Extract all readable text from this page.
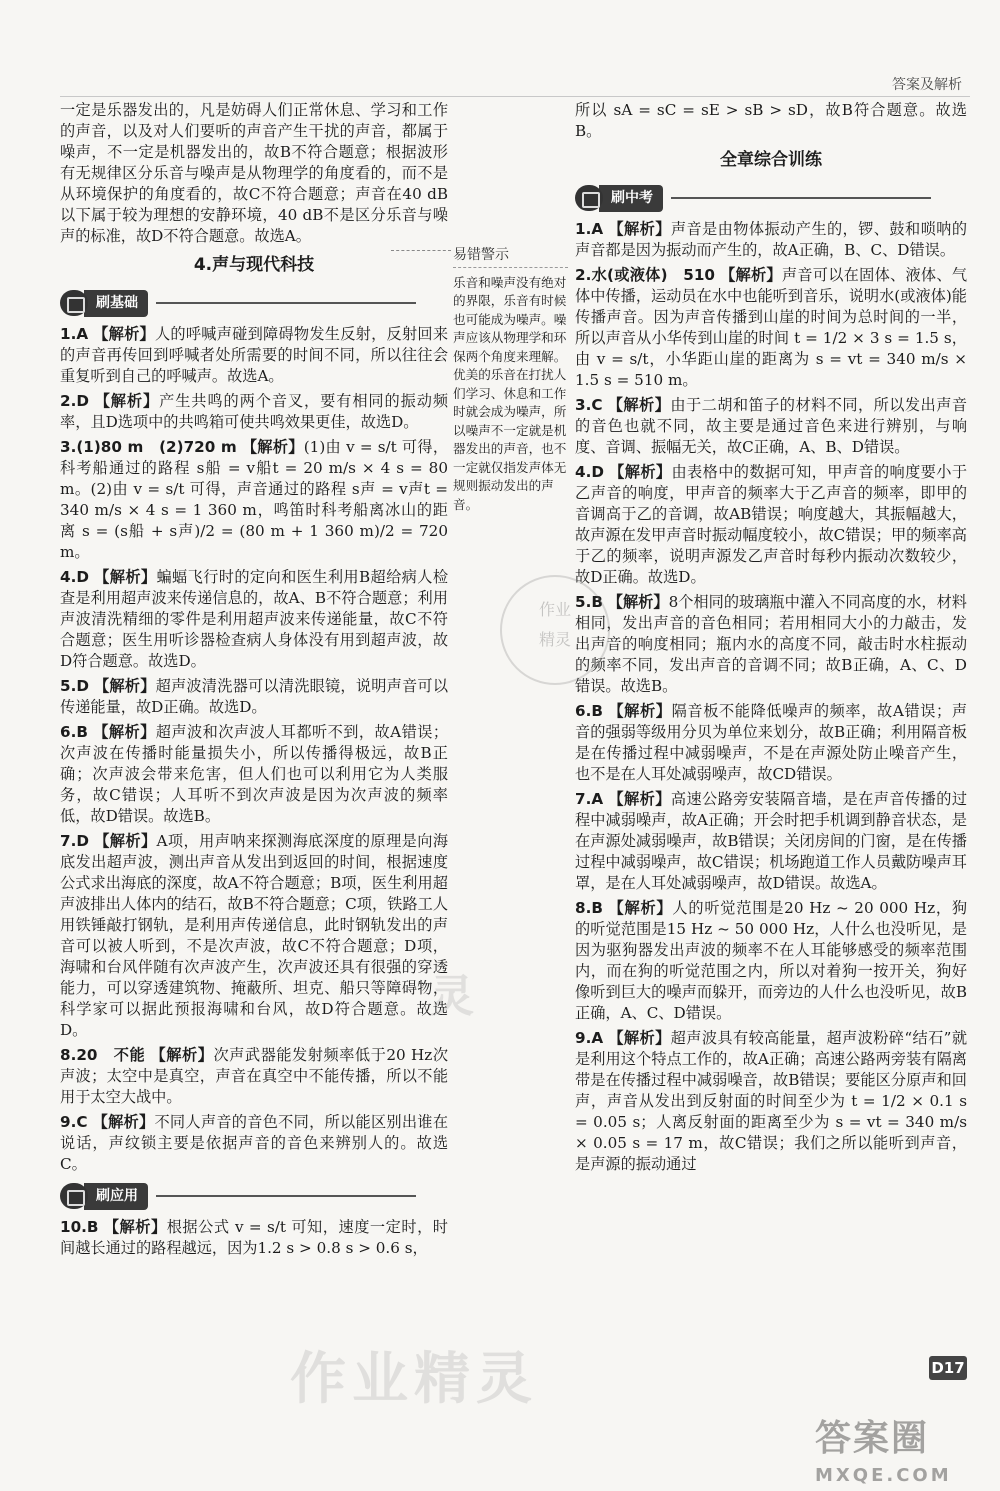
答案及解析

一定是乐器发出的，凡是妨碍人们正常休息、学习和工作的声音，以及对人们要听的声音产生干扰的声音，都属于噪声，不一定是机器发出的，故B不符合题意；根据波形有无规律区分乐音与噪声是从物理学的角度看的，而不是从环境保护的角度看的，故C不符合题意；声音在40 dB以下属于较为理想的安静环境，40 dB不是区分乐音与噪声的标准，故D不符合题意。故选A。

4.声与现代科技
刷基础

1.A 【解析】人的呼喊声碰到障碍物发生反射，反射回来的声音再传回到呼喊者处所需要的时间不同，所以往往会重复听到自己的呼喊声。故选A。

2.D 【解析】产生共鸣的两个音叉，要有相同的振动频率，且D选项中的共鸣箱可使共鸣效果更佳，故选D。

3.(1)80 m　(2)720 m 【解析】(1)由 v = s/t 可得，科考船通过的路程 s船 = v船t = 20 m/s × 4 s = 80 m。(2)由 v = s/t 可得，声音通过的路程 s声 = v声t = 340 m/s × 4 s = 1 360 m，鸣笛时科考船离冰山的距离 s = (s船 + s声)/2 = (80 m + 1 360 m)/2 = 720 m。

4.D 【解析】蝙蝠飞行时的定向和医生利用B超给病人检查是利用超声波来传递信息的，故A、B不符合题意；利用声波清洗精细的零件是利用超声波来传递能量，故C不符合题意；医生用听诊器检查病人身体没有用到超声波，故D符合题意。故选D。

5.D 【解析】超声波清洗器可以清洗眼镜，说明声音可以传递能量，故D正确。故选D。

6.B 【解析】超声波和次声波人耳都听不到，故A错误；次声波在传播时能量损失小，所以传播得极远，故B正确；次声波会带来危害，但人们也可以利用它为人类服务，故C错误；人耳听不到次声波是因为次声波的频率低，故D错误。故选B。

7.D 【解析】A项，用声呐来探测海底深度的原理是向海底发出超声波，测出声音从发出到返回的时间，根据速度公式求出海底的深度，故A不符合题意；B项，医生利用超声波排出人体内的结石，故B不符合题意；C项，铁路工人用铁锤敲打钢轨，是利用声传递信息，此时钢轨发出的声音可以被人听到，不是次声波，故C不符合题意；D项，海啸和台风伴随有次声波产生，次声波还具有很强的穿透能力，可以穿透建筑物、掩蔽所、坦克、船只等障碍物，科学家可以据此预报海啸和台风，故D符合题意。故选D。

8.20　不能 【解析】次声武器能发射频率低于20 Hz次声波；太空中是真空，声音在真空中不能传播，所以不能用于太空大战中。

9.C 【解析】不同人声音的音色不同，所以能区别出谁在说话，声纹锁主要是依据声音的音色来辨别人的。故选C。

刷应用

10.B 【解析】根据公式 v = s/t 可知，速度一定时，时间越长通过的路程越远，因为1.2 s > 0.8 s > 0.6 s，

易错警示
乐音和噪声没有绝对的界限，乐音有时候也可能成为噪声。噪声应该从物理学和环保两个角度来理解。优美的乐音在打扰人们学习、休息和工作时就会成为噪声，所以噪声不一定就是机器发出的声音，也不一定就仅指发声体无规则振动发出的声音。

所以 sA = sC = sE > sB > sD，故B符合题意。故选B。

全章综合训练
刷中考

1.A 【解析】声音是由物体振动产生的，锣、鼓和唢呐的声音都是因为振动而产生的，故A正确，B、C、D错误。

2.水(或液体)　510 【解析】声音可以在固体、液体、气体中传播，运动员在水中也能听到音乐，说明水(或液体)能传播声音。因为声音传播到山崖的时间为总时间的一半，所以声音从小华传到山崖的时间 t = 1/2 × 3 s = 1.5 s，由 v = s/t，小华距山崖的距离为 s = vt = 340 m/s × 1.5 s = 510 m。

3.C 【解析】由于二胡和笛子的材料不同，所以发出声音的音色也就不同，故主要是通过音色来进行辨别，与响度、音调、振幅无关，故C正确，A、B、D错误。

4.D 【解析】由表格中的数据可知，甲声音的响度要小于乙声音的响度，甲声音的频率大于乙声音的频率，即甲的音调高于乙的音调，故AB错误；响度越大，其振幅越大，故声源在发甲声音时振动幅度较小，故C错误；甲的频率高于乙的频率，说明声源发乙声音时每秒内振动次数较少，故D正确。故选D。

5.B 【解析】8个相同的玻璃瓶中灌入不同高度的水，材料相同，发出声音的音色相同；若用相同大小的力敲击，发出声音的响度相同；瓶内水的高度不同，敲击时水柱振动的频率不同，发出声音的音调不同；故B正确，A、C、D错误。故选B。

6.B 【解析】隔音板不能降低噪声的频率，故A错误；声音的强弱等级用分贝为单位来划分，故B正确；利用隔音板是在传播过程中减弱噪声，不是在声源处防止噪音产生，也不是在人耳处减弱噪声，故CD错误。

7.A 【解析】高速公路旁安装隔音墙，是在声音传播的过程中减弱噪声，故A正确；开会时把手机调到静音状态，是在声源处减弱噪声，故B错误；关闭房间的门窗，是在传播过程中减弱噪声，故C错误；机场跑道工作人员戴防噪声耳罩，是在人耳处减弱噪声，故D错误。故选A。

8.B 【解析】人的听觉范围是20 Hz ~ 20 000 Hz，狗的听觉范围是15 Hz ~ 50 000 Hz，人什么也没听见，是因为驱狗器发出声波的频率不在人耳能够感受的频率范围内，而在狗的听觉范围之内，所以对着狗一按开关，狗好像听到巨大的噪声而躲开，而旁边的人什么也没听见，故B正确，A、C、D错误。

9.A 【解析】超声波具有较高能量，超声波粉碎“结石”就是利用这个特点工作的，故A正确；高速公路两旁装有隔离带是在传播过程中减弱噪音，故B错误；要能区分原声和回声，声音从发出到反射面的时间至少为 t = 1/2 × 0.1 s = 0.05 s；人离反射面的距离至少为 s = vt = 340 m/s × 0.05 s = 17 m，故C错误；我们之所以能听到声音，是声源的振动通过

作业
精灵
灵
作业精灵	D17
答案圈
MXQE.COM
